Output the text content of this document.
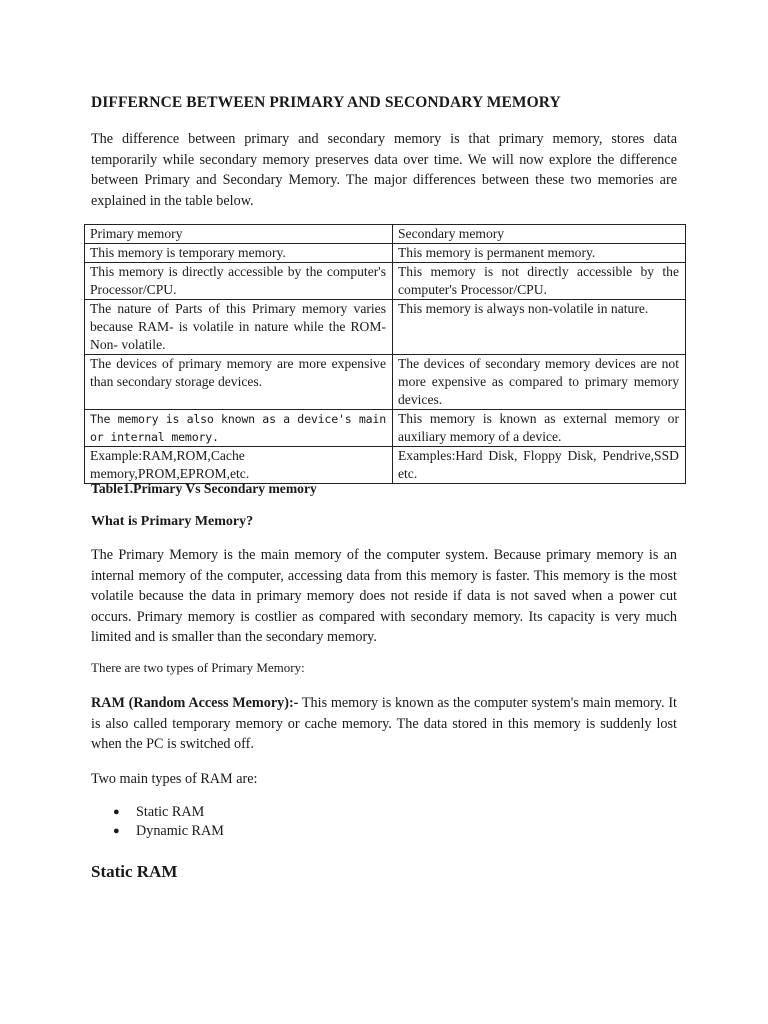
DIFFERNCE BETWEEN PRIMARY AND SECONDARY MEMORY

The difference between primary and secondary memory is that primary memory, stores data temporarily while secondary memory preserves data over time. We will now explore the difference between Primary and Secondary Memory. The major differences between these two memories are explained in the table below.

Primary memory	Secondary memory
This memory is temporary memory.	This memory is permanent memory.
This memory is directly accessible by the computer's Processor/CPU.	This memory is not directly accessible by the computer's Processor/CPU.
The nature of Parts of this Primary memory varies because RAM- is volatile in nature while the ROM- Non- volatile.	This memory is always non-volatile in nature.
The devices of primary memory are more expensive than secondary storage devices.	The devices of secondary memory devices are not more expensive as compared to primary memory devices.
The memory is also known as a device's main or internal memory.	This memory is known as external memory or auxiliary memory of a device.
Example:RAM,ROM,Cache memory,PROM,EPROM,etc.	Examples:Hard Disk, Floppy Disk, Pendrive,SSD etc.

Table1.Primary Vs Secondary memory

What is Primary Memory?

The Primary Memory is the main memory of the computer system. Because primary memory is an internal memory of the computer, accessing data from this memory is faster. This memory is the most volatile because the data in primary memory does not reside if data is not saved when a power cut occurs. Primary memory is costlier as compared with secondary memory. Its capacity is very much limited and is smaller than the secondary memory.

There are two types of Primary Memory:

RAM (Random Access Memory):- This memory is known as the computer system's main memory. It is also called temporary memory or cache memory. The data stored in this memory is suddenly lost when the PC is switched off.

Two main types of RAM are:

● Static RAM
● Dynamic RAM
Static RAM
